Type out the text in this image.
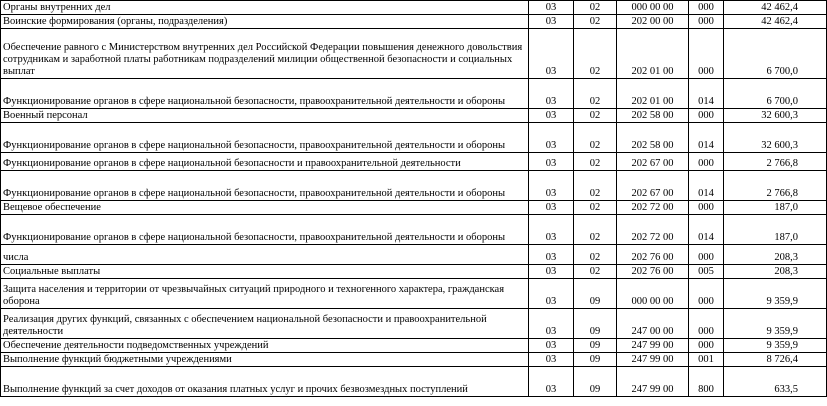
Органы внутренних дел	03	02	000 00 00	000	42 462,4
Воинские формирования (органы, подразделения)	03	02	202 00 00	000	42 462,4
Обеспечение равного с Министерством внутренних дел Российской Федерации повышения денежного довольствия сотрудникам и заработной платы работникам подразделений милиции общественной безопасности и социальных выплат	03	02	202 01 00	000	6 700,0
Функционирование органов в сфере национальной безопасности, правоохранительной деятельности и обороны	03	02	202 01 00	014	6 700,0
Военный персонал	03	02	202 58 00	000	32 600,3
Функционирование органов в сфере национальной безопасности, правоохранительной деятельности и обороны	03	02	202 58 00	014	32 600,3
Функционирование органов в сфере национальной безопасности и правоохранительной деятельности	03	02	202 67 00	000	2 766,8
Функционирование органов в сфере национальной безопасности, правоохранительной деятельности и обороны	03	02	202 67 00	014	2 766,8
Вещевое обеспечение	03	02	202 72 00	000	187,0
Функционирование органов в сфере национальной безопасности, правоохранительной деятельности и обороны	03	02	202 72 00	014	187,0
числа	03	02	202 76 00	000	208,3
Социальные выплаты	03	02	202 76 00	005	208,3
Защита населения и территории от чрезвычайных ситуаций природного и техногенного характера, гражданская оборона	03	09	000 00 00	000	9 359,9
Реализация других функций, связанных с обеспечением национальной безопасности и правоохранительной деятельности	03	09	247 00 00	000	9 359,9
Обеспечение деятельности подведомственных учреждений	03	09	247 99 00	000	9 359,9
Выполнение функций бюджетными учреждениями	03	09	247 99 00	001	8 726,4
Выполнение функций за счет доходов от оказания платных услуг и прочих безвозмездных поступлений	03	09	247 99 00	800	633,5
